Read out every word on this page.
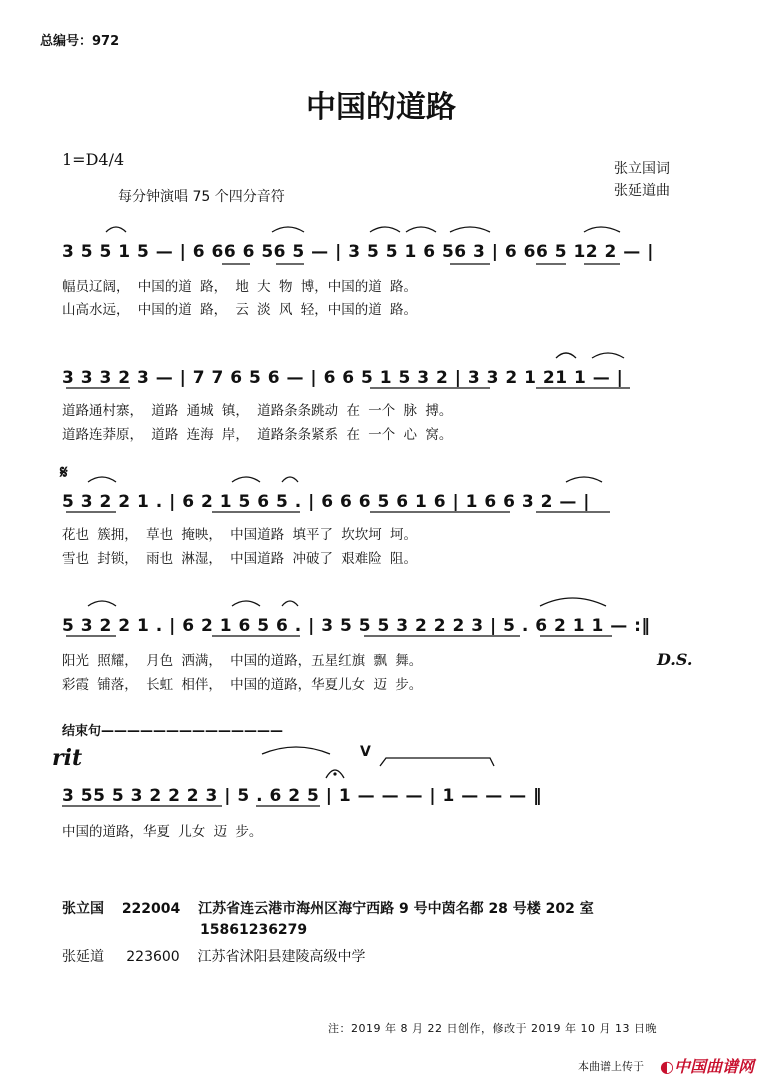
总编号：972
中国的道路
1=D4/4
每分钟演唱 75 个四分音符
张立国词
张延道曲
3 5 5 1 5 — | 6 66 6 56 5 — | 3 5 5 1 6 56 3 | 6 66 5 12 2 — |
幅员辽阔， 中国的道 路， 地 大 物 博，中国的道 路。
山高水远， 中国的道 路， 云 淡 风 轻，中国的道 路。
3 3 3 2 3 — | 7 7 6 5 6 — | 6 6 5 1 5 3 2 | 3 3 2 1 21 1 — |
道路通村寨， 道路 通城 镇， 道路条条跳动 在 一个 脉 搏。
道路连莽原， 道路 连海 岸， 道路条条紧系 在 一个 心 窝。
𝄋
5 3 2 2 1 . | 6 2 1 5 6 5 . | 6 6 6 5 6 1 6 | 1 6 6 3 2 — |
花也 簇拥， 草也 掩映， 中国道路 填平了 坎坎坷 坷。
雪也 封锁， 雨也 淋湿， 中国道路 冲破了 艰难险 阻。
5 3 2 2 1 . | 6 2 1 6 5 6 . | 3 5 5 5 3 2 2 2 3 | 5 . 6 2 1 1 — :‖
阳光 照耀， 月色 洒满， 中国的道路，五星红旗 飘 舞。
彩霞 铺落， 长虹 相伴， 中国的道路，华夏儿女 迈 步。
D.S.
结束句——————————————
rit	V
3 55 5 3 2 2 2 3 | 5 . 6 2 5 | 1 — — — | 1 — — — ‖
中国的道路，华夏 儿女 迈 步。
张立国 222004 江苏省连云港市海州区海宁西路 9 号中茵名都 28 号楼 202 室
15861236279
张延道 223600 江苏省沭阳县建陵高级中学
注：2019 年 8 月 22 日创作，修改于 2019 年 10 月 13 日晚
本曲谱上传于 ◐中国曲谱网
